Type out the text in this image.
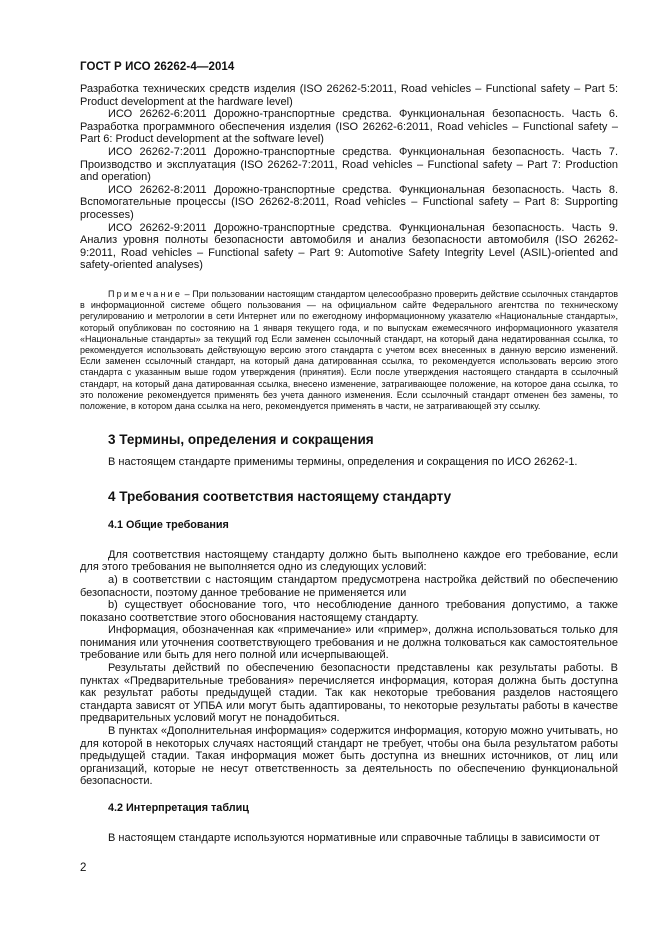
ГОСТ Р ИСО 26262-4—2014

Разработка технических средств изделия (ISO 26262-5:2011, Road vehicles – Functional safety – Part 5: Product development at the hardware level)

ИСО 26262-6:2011 Дорожно-транспортные средства. Функциональная безопасность. Часть 6. Разработка программного обеспечения изделия (ISO 26262-6:2011, Road vehicles – Functional safety – Part 6: Product development at the software level)

ИСО 26262-7:2011 Дорожно-транспортные средства. Функциональная безопасность. Часть 7. Производство и эксплуатация (ISO 26262-7:2011, Road vehicles – Functional safety – Part 7: Production and operation)

ИСО 26262-8:2011 Дорожно-транспортные средства. Функциональная безопасность. Часть 8. Вспомогательные процессы (ISO 26262-8:2011, Road vehicles – Functional safety – Part 8: Supporting processes)

ИСО 26262-9:2011 Дорожно-транспортные средства. Функциональная безопасность. Часть 9. Анализ уровня полноты безопасности автомобиля и анализ безопасности автомобиля (ISO 26262-9:2011, Road vehicles – Functional safety – Part 9: Automotive Safety Integrity Level (ASIL)-oriented and safety-oriented analyses)

Примечание – При пользовании настоящим стандартом целесообразно проверить действие ссылочных стандартов в информационной системе общего пользования — на официальном сайте Федерального агентства по техническому регулированию и метрологии в сети Интернет или по ежегодному информационному указателю «Национальные стандарты», который опубликован по состоянию на 1 января текущего года, и по выпускам ежемесячного информационного указателя «Национальные стандарты» за текущий год Если заменен ссылочный стандарт, на который дана недатированная ссылка, то рекомендуется использовать действующую версию этого стандарта с учетом всех внесенных в данную версию изменений. Если заменен ссылочный стандарт, на который дана датированная ссылка, то рекомендуется использовать версию этого стандарта с указанным выше годом утверждения (принятия). Если после утверждения настоящего стандарта в ссылочный стандарт, на который дана датированная ссылка, внесено изменение, затрагивающее положение, на которое дана ссылка, то это положение рекомендуется применять без учета данного изменения. Если ссылочный стандарт отменен без замены, то положение, в котором дана ссылка на него, рекомендуется применять в части, не затрагивающей эту ссылку.

3 Термины, определения и сокращения

В настоящем стандарте применимы термины, определения и сокращения по ИСО 26262-1.

4 Требования соответствия настоящему стандарту
4.1 Общие требования

Для соответствия настоящему стандарту должно быть выполнено каждое его требование, если для этого требования не выполняется одно из следующих условий:

а) в соответствии с настоящим стандартом предусмотрена настройка действий по обеспечению безопасности, поэтому данное требование не применяется или

b) существует обоснование того, что несоблюдение данного требования допустимо, а также показано соответствие этого обоснования настоящему стандарту.

Информация, обозначенная как «примечание» или «пример», должна использоваться только для понимания или уточнения соответствующего требования и не должна толковаться как самостоятельное требование или быть для него полной или исчерпывающей.

Результаты действий по обеспечению безопасности представлены как результаты работы. В пунктах «Предварительные требования» перечисляется информация, которая должна быть доступна как результат работы предыдущей стадии. Так как некоторые требования разделов настоящего стандарта зависят от УПБА или могут быть адаптированы, то некоторые результаты работы в качестве предварительных условий могут не понадобиться.

В пунктах «Дополнительная информация» содержится информация, которую можно учитывать, но для которой в некоторых случаях настоящий стандарт не требует, чтобы она была результатом работы предыдущей стадии. Такая информация может быть доступна из внешних источников, от лиц или организаций, которые не несут ответственность за деятельность по обеспечению функциональной безопасности.

4.2 Интерпретация таблиц

В настоящем стандарте используются нормативные или справочные таблицы в зависимости от

2
